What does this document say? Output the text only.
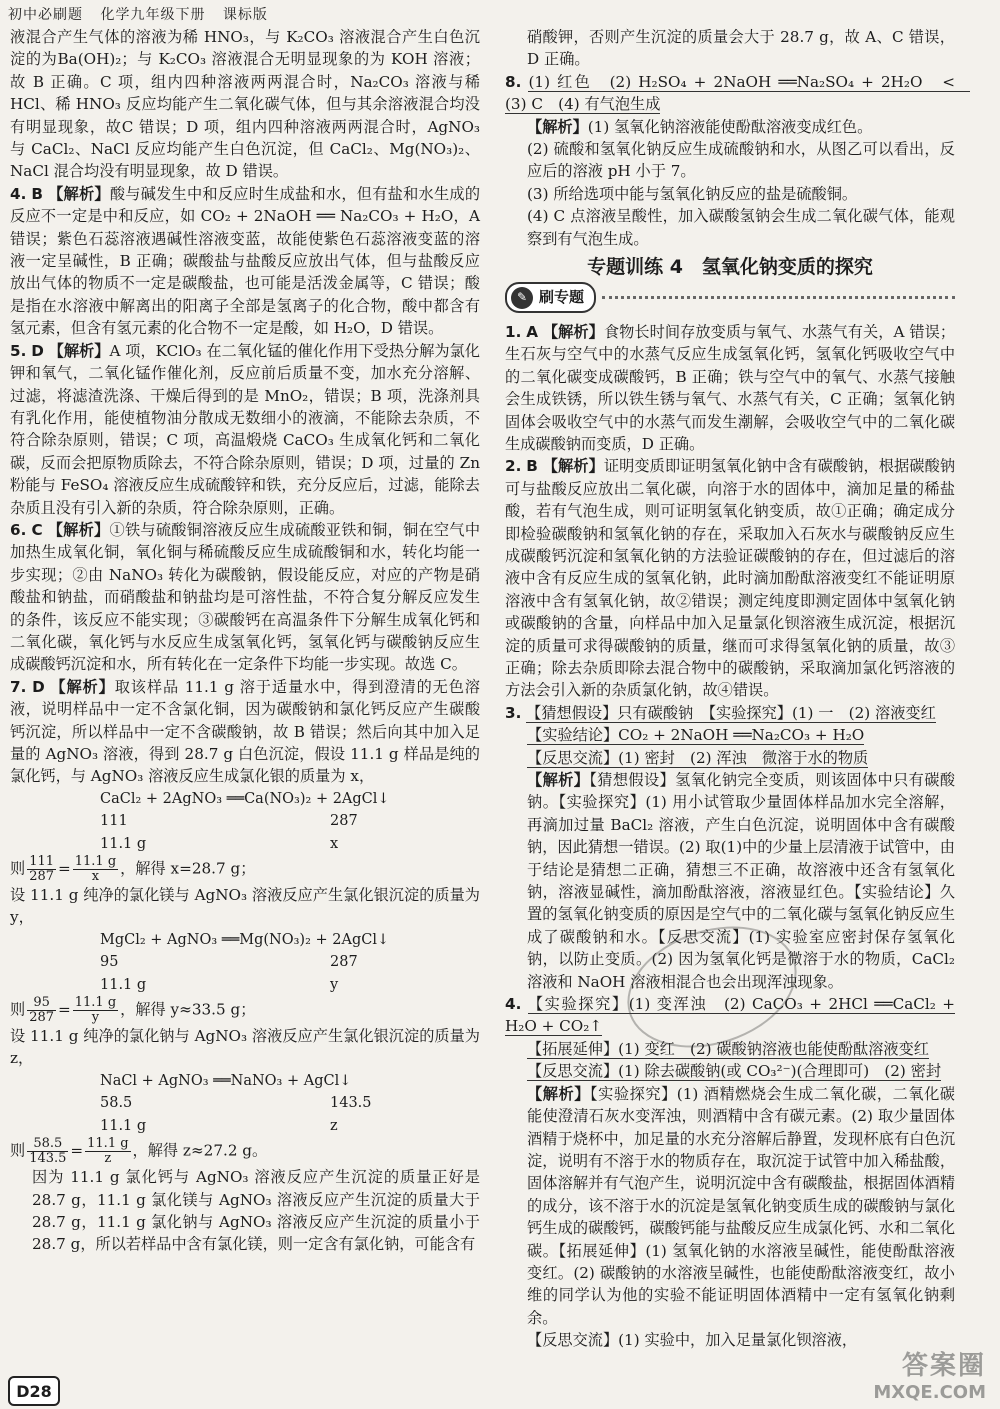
初中必刷题 化学九年级下册 课标版

液混合产生气体的溶液为稀 HNO₃，与 K₂CO₃ 溶液混合产生白色沉淀的为Ba(OH)₂；与 K₂CO₃ 溶液混合无明显现象的为 KOH 溶液；故 B 正确。C 项，组内四种溶液两两混合时，Na₂CO₃ 溶液与稀 HCl、稀 HNO₃ 反应均能产生二氧化碳气体，但与其余溶液混合均没有明显现象，故C 错误；D 项，组内四种溶液两两混合时，AgNO₃ 与 CaCl₂、NaCl 反应均能产生白色沉淀，但 CaCl₂、Mg(NO₃)₂、NaCl 混合均没有明显现象，故 D 错误。

4. B 【解析】酸与碱发生中和反应时生成盐和水，但有盐和水生成的反应不一定是中和反应，如 CO₂ + 2NaOH ══ Na₂CO₃ + H₂O，A 错误；紫色石蕊溶液遇碱性溶液变蓝，故能使紫色石蕊溶液变蓝的溶液一定呈碱性，B 正确；碳酸盐与盐酸反应放出气体，但与盐酸反应放出气体的物质不一定是碳酸盐，也可能是活泼金属等，C 错误；酸是指在水溶液中解离出的阳离子全部是氢离子的化合物，酸中都含有氢元素，但含有氢元素的化合物不一定是酸，如 H₂O，D 错误。

5. D 【解析】A 项，KClO₃ 在二氧化锰的催化作用下受热分解为氯化钾和氧气，二氧化锰作催化剂，反应前后质量不变，加水充分溶解、过滤，将滤渣洗涤、干燥后得到的是 MnO₂，错误；B 项，洗涤剂具有乳化作用，能使植物油分散成无数细小的液滴，不能除去杂质，不符合除杂原则，错误；C 项，高温煅烧 CaCO₃ 生成氧化钙和二氧化碳，反而会把原物质除去，不符合除杂原则，错误；D 项，过量的 Zn 粉能与 FeSO₄ 溶液反应生成硫酸锌和铁，充分反应后，过滤，能除去杂质且没有引入新的杂质，符合除杂原则，正确。

6. C 【解析】①铁与硫酸铜溶液反应生成硫酸亚铁和铜，铜在空气中加热生成氧化铜，氧化铜与稀硫酸反应生成硫酸铜和水，转化均能一步实现；②由 NaNO₃ 转化为碳酸钠，假设能反应，对应的产物是硝酸盐和钠盐，而硝酸盐和钠盐均是可溶性盐，不符合复分解反应发生的条件，该反应不能实现；③碳酸钙在高温条件下分解生成氧化钙和二氧化碳，氧化钙与水反应生成氢氧化钙，氢氧化钙与碳酸钠反应生成碳酸钙沉淀和水，所有转化在一定条件下均能一步实现。故选 C。

7. D 【解析】取该样品 11.1 g 溶于适量水中，得到澄清的无色溶液，说明样品中一定不含氯化铜，因为碳酸钠和氯化钙反应产生碳酸钙沉淀，所以样品中一定不含碳酸钠，故 B 错误；然后向其中加入足量的 AgNO₃ 溶液，得到 28.7 g 白色沉淀，假设 11.1 g 样品是纯的氯化钙，与 AgNO₃ 溶液反应生成氯化银的质量为 x，

CaCl₂ + 2AgNO₃ ══Ca(NO₃)₂ + 2AgCl↓
111	287
11.1 g	x

则 $\frac{111}{287} = \frac{11.1 g}{x}$ ，解得 x=28.7 g；

设 11.1 g 纯净的氯化镁与 AgNO₃ 溶液反应产生氯化银沉淀的质量为 y，

MgCl₂ + AgNO₃ ══Mg(NO₃)₂ + 2AgCl↓
95	287
11.1 g	y

则 $\frac{95}{287} = \frac{11.1 g}{y}$ ，解得 y≈33.5 g；

设 11.1 g 纯净的氯化钠与 AgNO₃ 溶液反应产生氯化银沉淀的质量为 z，

NaCl + AgNO₃ ══NaNO₃ + AgCl↓
58.5	143.5
11.1 g	z

则 $\frac{58.5}{143.5} = \frac{11.1 g}{z}$ ，解得 z≈27.2 g。

因为 11.1 g 氯化钙与 AgNO₃ 溶液反应产生沉淀的质量正好是 28.7 g，11.1 g 氯化镁与 AgNO₃ 溶液反应产生沉淀的质量大于 28.7 g，11.1 g 氯化钠与 AgNO₃ 溶液反应产生沉淀的质量小于 28.7 g，所以若样品中含有氯化镁，则一定含有氯化钠，可能含有

硝酸钾，否则产生沉淀的质量会大于 28.7 g，故 A、C 错误，D 正确。

8. (1) 红色　(2) H₂SO₄ + 2NaOH ══Na₂SO₄ + 2H₂O　<　(3) C　(4) 有气泡生成

【解析】(1) 氢氧化钠溶液能使酚酞溶液变成红色。

(2) 硫酸和氢氧化钠反应生成硫酸钠和水，从图乙可以看出，反应后的溶液 pH 小于 7。

(3) 所给选项中能与氢氧化钠反应的盐是硫酸铜。

(4) C 点溶液呈酸性，加入碳酸氢钠会生成二氧化碳气体，能观察到有气泡生成。

专题训练 4　氢氧化钠变质的探究
✎ 刷专题

1. A 【解析】食物长时间存放变质与氧气、水蒸气有关，A 错误；生石灰与空气中的水蒸气反应生成氢氧化钙，氢氧化钙吸收空气中的二氧化碳变成碳酸钙，B 正确；铁与空气中的氧气、水蒸气接触会生成铁锈，所以铁生锈与氧气、水蒸气有关，C 正确；氢氧化钠固体会吸收空气中的水蒸气而发生潮解，会吸收空气中的二氧化碳生成碳酸钠而变质，D 正确。

2. B 【解析】证明变质即证明氢氧化钠中含有碳酸钠，根据碳酸钠可与盐酸反应放出二氧化碳，向溶于水的固体中，滴加足量的稀盐酸，若有气泡生成，则可证明氢氧化钠变质，故①正确；确定成分即检验碳酸钠和氢氧化钠的存在，采取加入石灰水与碳酸钠反应生成碳酸钙沉淀和氢氧化钠的方法验证碳酸钠的存在，但过滤后的溶液中含有反应生成的氢氧化钠，此时滴加酚酞溶液变红不能证明原溶液中含有氢氧化钠，故②错误；测定纯度即测定固体中氢氧化钠或碳酸钠的含量，向样品中加入足量氯化钡溶液生成沉淀，根据沉淀的质量可求得碳酸钠的质量，继而可求得氢氧化钠的质量，故③正确；除去杂质即除去混合物中的碳酸钠，采取滴加氯化钙溶液的方法会引入新的杂质氯化钠，故④错误。

3. 【猜想假设】只有碳酸钠　【实验探究】(1) 一　(2) 溶液变红

【实验结论】CO₂ + 2NaOH ══Na₂CO₃ + H₂O

【反思交流】(1) 密封　(2) 浑浊　微溶于水的物质

【解析】【猜想假设】氢氧化钠完全变质，则该固体中只有碳酸钠。【实验探究】(1) 用小试管取少量固体样品加水完全溶解，再滴加过量 BaCl₂ 溶液，产生白色沉淀，说明固体中含有碳酸钠，因此猜想一错误。(2) 取(1)中的少量上层清液于试管中，由于结论是猜想二正确，猜想三不正确，故溶液中还含有氢氧化钠，溶液显碱性，滴加酚酞溶液，溶液显红色。【实验结论】久置的氢氧化钠变质的原因是空气中的二氧化碳与氢氧化钠反应生成了碳酸钠和水。【反思交流】(1) 实验室应密封保存氢氧化钠，以防止变质。(2) 因为氢氧化钙是微溶于水的物质，CaCl₂ 溶液和 NaOH 溶液相混合也会出现浑浊现象。

4. 【实验探究】(1) 变浑浊　(2) CaCO₃ + 2HCl ══CaCl₂ + H₂O + CO₂↑

【拓展延伸】(1) 变红　(2) 碳酸钠溶液也能使酚酞溶液变红

【反思交流】(1) 除去碳酸钠(或 CO₃²⁻)(合理即可)　(2) 密封

【解析】【实验探究】(1) 酒精燃烧会生成二氧化碳，二氧化碳能使澄清石灰水变浑浊，则酒精中含有碳元素。(2) 取少量固体酒精于烧杯中，加足量的水充分溶解后静置，发现杯底有白色沉淀，说明有不溶于水的物质存在，取沉淀于试管中加入稀盐酸，固体溶解并有气泡产生，说明沉淀中含有碳酸盐，根据固体酒精的成分，该不溶于水的沉淀是氢氧化钠变质生成的碳酸钠与氯化钙生成的碳酸钙，碳酸钙能与盐酸反应生成氯化钙、水和二氧化碳。【拓展延伸】(1) 氢氧化钠的水溶液呈碱性，能使酚酞溶液变红。(2) 碳酸钠的水溶液呈碱性，也能使酚酞溶液变红，故小维的同学认为他的实验不能证明固体酒精中一定有氢氧化钠剩余。

【反思交流】(1) 实验中，加入足量氯化钡溶液，

D28
答案圈
MXQE.COM
